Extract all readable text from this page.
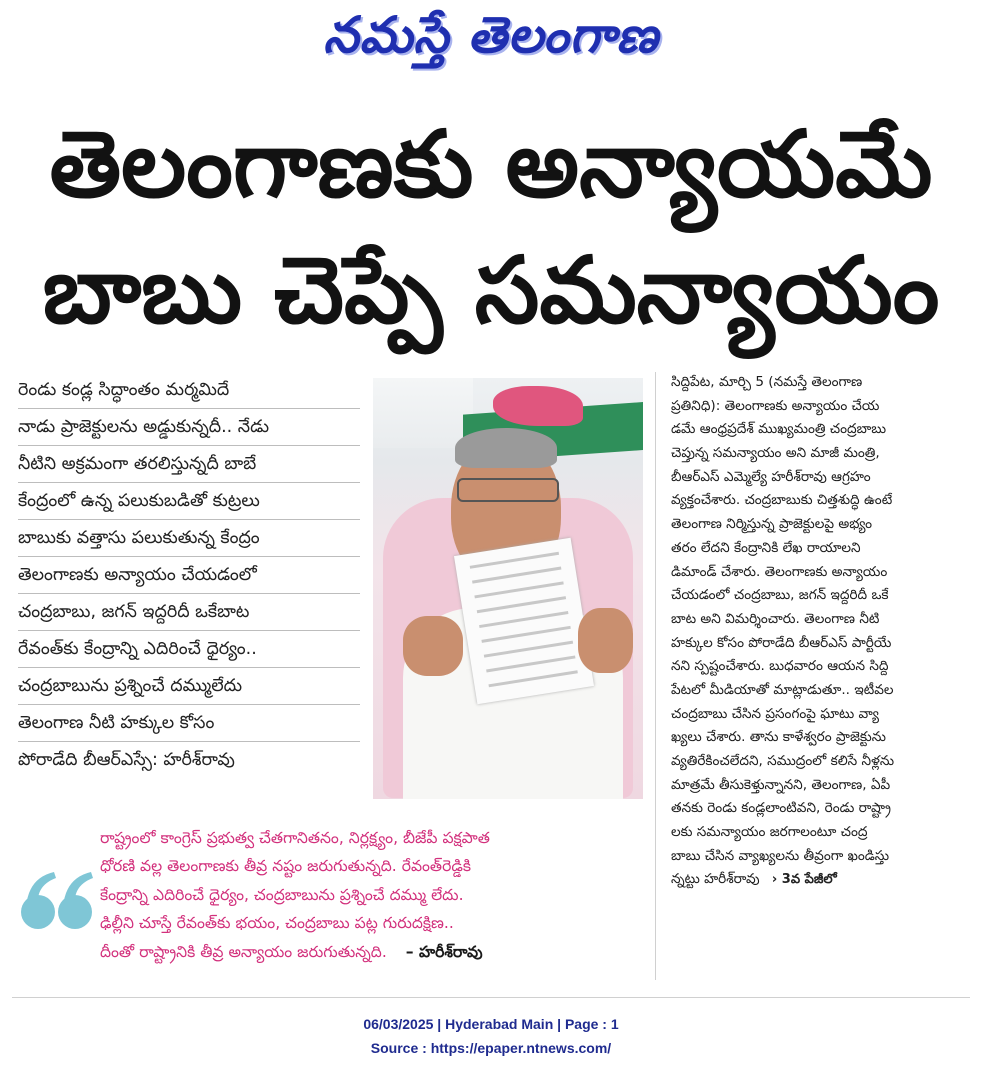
నమస్తే తెలంగాణ
తెలంగాణకు అన్యాయమే
బాబు చెప్పే సమన్యాయం
రెండు కండ్ల సిద్ధాంతం మర్మమిదే
నాడు ప్రాజెక్టులను అడ్డుకున్నదీ.. నేడు
నీటిని అక్రమంగా తరలిస్తున్నదీ బాబే
కేంద్రంలో ఉన్న పలుకుబడితో కుట్రలు
బాబుకు వత్తాసు పలుకుతున్న కేంద్రం
తెలంగాణకు అన్యాయం చేయడంలో
చంద్రబాబు, జగన్ ఇద్దరిదీ ఒకేబాట
రేవంత్‌కు కేంద్రాన్ని ఎదిరించే ధైర్యం..
చంద్రబాబును ప్రశ్నించే దమ్ములేదు
తెలంగాణ నీటి హక్కుల కోసం
పోరాడేది బీఆర్ఎస్సే: హరీశ్‌రావు
సిద్దిపేట, మార్చి 5 (నమస్తే తెలంగాణ
ప్రతినిధి): తెలంగాణకు అన్యాయం చేయ
డమే ఆంధ్రప్రదేశ్ ముఖ్యమంత్రి చంద్రబాబు
చెప్తున్న సమన్యాయం అని మాజీ మంత్రి,
బీఆర్ఎస్ ఎమ్మెల్యే హరీశ్‌రావు ఆగ్రహం
వ్యక్తంచేశారు. చంద్రబాబుకు చిత్తశుద్ధి ఉంటే
తెలంగాణ నిర్మిస్తున్న ప్రాజెక్టులపై అభ్యం
తరం లేదని కేంద్రానికి లేఖ రాయాలని
డిమాండ్ చేశారు. తెలంగాణకు అన్యాయం
చేయడంలో చంద్రబాబు, జగన్ ఇద్దరిదీ ఒకే
బాట అని విమర్శించారు. తెలంగాణ నీటి
హక్కుల కోసం పోరాడేది బీఆర్ఎస్ పార్టీయే
నని స్పష్టంచేశారు. బుధవారం ఆయన సిద్ది
పేటలో మీడియాతో మాట్లాడుతూ.. ఇటీవల
చంద్రబాబు చేసిన ప్రసంగంపై ఘాటు వ్యా
ఖ్యలు చేశారు. తాను కాళేశ్వరం ప్రాజెక్టును
వ్యతిరేకించలేదని, సముద్రంలో కలిసే నీళ్లను
మాత్రమే తీసుకెళ్తున్నానని, తెలంగాణ, ఏపీ
తనకు రెండు కండ్లలాంటివని, రెండు రాష్ట్రా
లకు సమన్యాయం జరగాలంటూ చంద్ర
బాబు చేసిన వ్యాఖ్యలను తీవ్రంగా ఖండిస్తు
న్నట్టు హరీశ్‌రావు › 3వ పేజీలో
రాష్ట్రంలో కాంగ్రెస్ ప్రభుత్వ చేతగానితనం, నిర్లక్ష్యం, బీజేపీ పక్షపాత
ధోరణి వల్ల తెలంగాణకు తీవ్ర నష్టం జరుగుతున్నది. రేవంత్‌రెడ్డికి
కేంద్రాన్ని ఎదిరించే ధైర్యం, చంద్రబాబును ప్రశ్నించే దమ్ము లేదు.
ఢిల్లీని చూస్తే రేవంత్‌కు భయం, చంద్రబాబు పట్ల గురుదక్షిణ..
దీంతో రాష్ట్రానికి తీవ్ర అన్యాయం జరుగుతున్నది. – హరీశ్‌రావు
06/03/2025 | Hyderabad Main | Page : 1
Source : https://epaper.ntnews.com/
